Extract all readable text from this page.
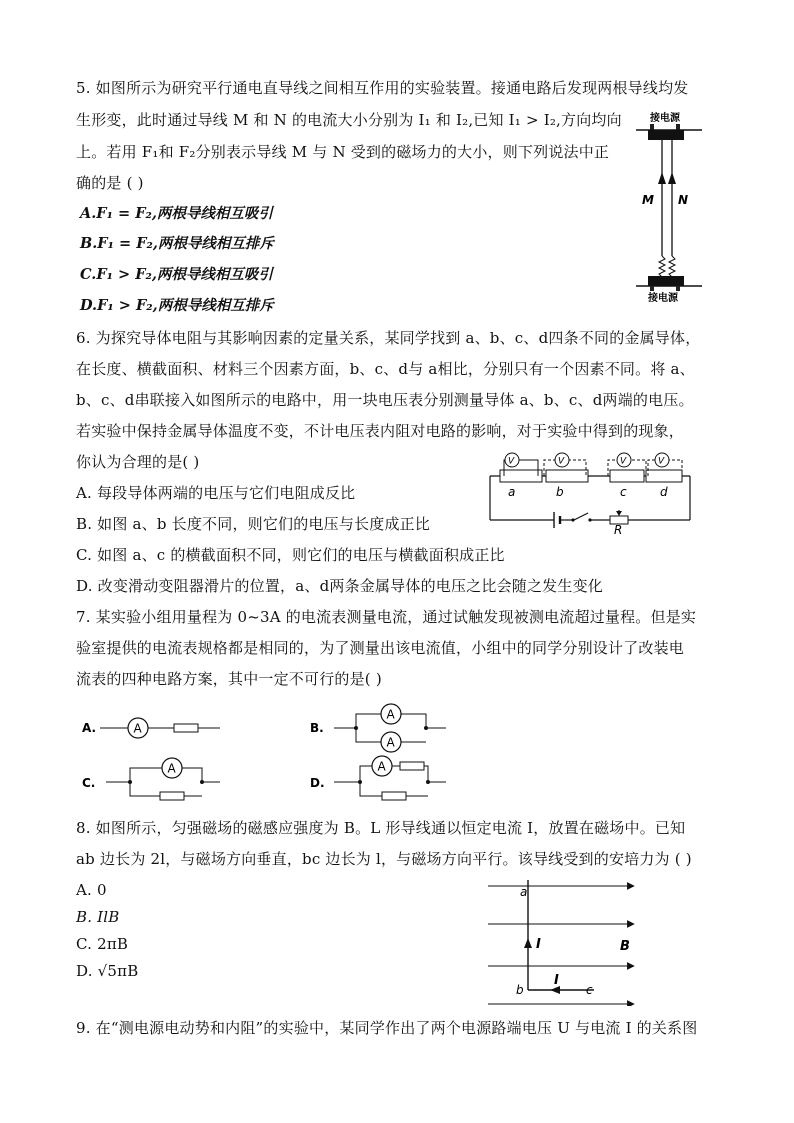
5. 如图所示为研究平行通电直导线之间相互作用的实验装置。接通电路后发现两根导线均发
生形变，此时通过导线 M 和 N 的电流大小分别为 I₁ 和 I₂,已知 I₁ > I₂,方向均向
上。若用 F₁和 F₂分别表示导线 M 与 N 受到的磁场力的大小，则下列说法中正
确的是 ( )
A.F₁ = F₂,两根导线相互吸引
B.F₁ = F₂,两根导线相互排斥
C.F₁ > F₂,两根导线相互吸引
D.F₁ > F₂,两根导线相互排斥
接电源
M N
接电源
6. 为探究导体电阻与其影响因素的定量关系，某同学找到 a、b、c、d四条不同的金属导体，
在长度、横截面积、材料三个因素方面，b、c、d与 a相比，分别只有一个因素不同。将 a、
b、c、d串联接入如图所示的电路中，用一块电压表分别测量导体 a、b、c、d两端的电压。
若实验中保持金属导体温度不变，不计电压表内阻对电路的影响，对于实验中得到的现象，
你认为合理的是( )
A. 每段导体两端的电压与它们电阻成反比
B. 如图 a、b 长度不同，则它们的电压与长度成正比
C. 如图 a、c 的横截面积不同，则它们的电压与横截面积成正比
D. 改变滑动变阻器滑片的位置，a、d两条金属导体的电压之比会随之发生变化
V	V	V	V
a	b	c	d
R
7. 某实验小组用量程为 0~3A 的电流表测量电流，通过试触发现被测电流超过量程。但是实
验室提供的电流表规格都是相同的，为了测量出该电流值，小组中的同学分别设计了改装电
流表的四种电路方案，其中一定不可行的是( )
A.	A	B.
A
A
C.
A
D.
A
8. 如图所示，匀强磁场的磁感应强度为 B。L 形导线通以恒定电流 I，放置在磁场中。已知
ab 边长为 2l，与磁场方向垂直，bc 边长为 l，与磁场方向平行。该导线受到的安培力为 ( )
A. 0
B. IlB
C. 2πB
D. √5πB
a
b	c
I
I
B
9. 在“测电源电动势和内阻”的实验中，某同学作出了两个电源路端电压 U 与电流 I 的关系图
